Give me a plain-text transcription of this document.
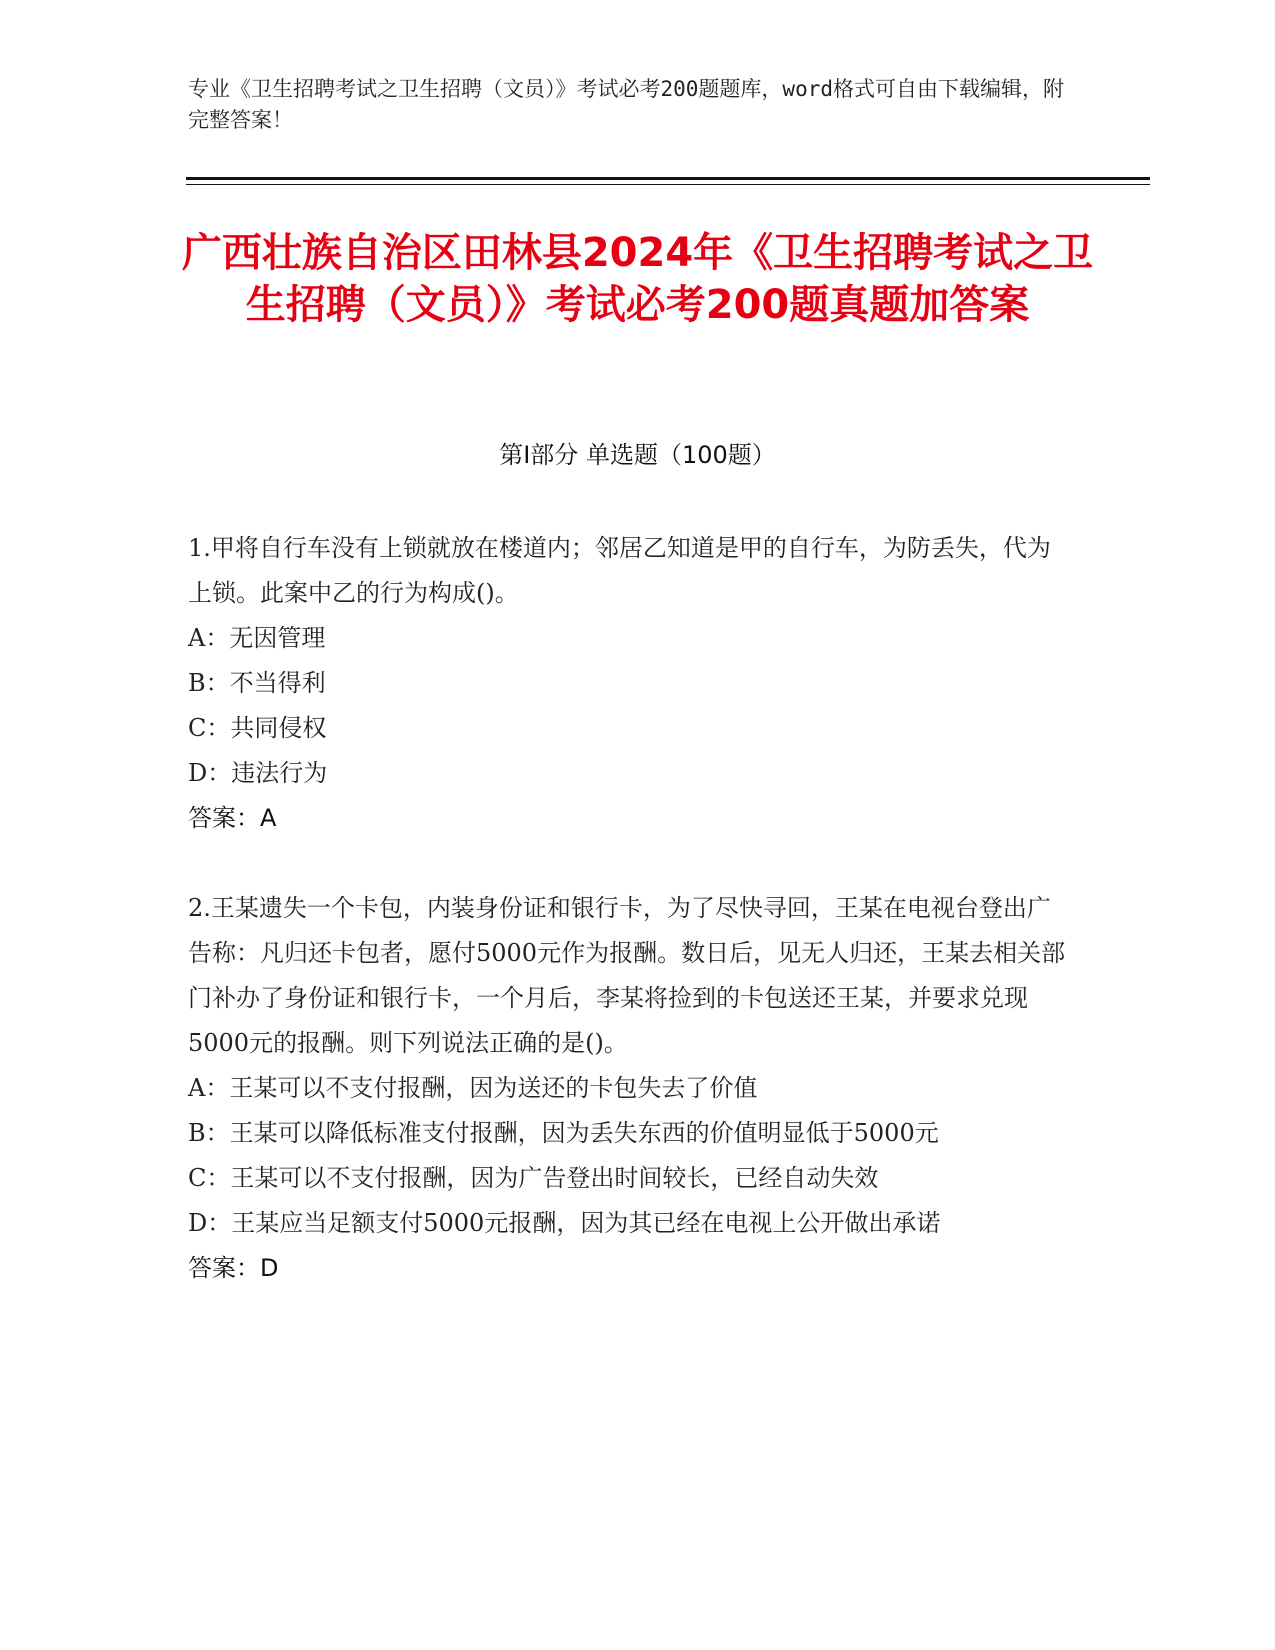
专业《卫生招聘考试之卫生招聘（文员）》考试必考200题题库，word格式可自由下载编辑，附完整答案！
广西壮族自治区田林县2024年《卫生招聘考试之卫生招聘（文员）》考试必考200题真题加答案
第I部分 单选题（100题）
1.甲将自行车没有上锁就放在楼道内；邻居乙知道是甲的自行车，为防丢失，代为上锁。此案中乙的行为构成()。
A：无因管理
B：不当得利
C：共同侵权
D：违法行为
答案：A
2.王某遗失一个卡包，内装身份证和银行卡，为了尽快寻回，王某在电视台登出广告称：凡归还卡包者，愿付5000元作为报酬。数日后，见无人归还，王某去相关部门补办了身份证和银行卡，一个月后，李某将捡到的卡包送还王某，并要求兑现5000元的报酬。则下列说法正确的是()。
A：王某可以不支付报酬，因为送还的卡包失去了价值
B：王某可以降低标准支付报酬，因为丢失东西的价值明显低于5000元
C：王某可以不支付报酬，因为广告登出时间较长，已经自动失效
D：王某应当足额支付5000元报酬，因为其已经在电视上公开做出承诺
答案：D
